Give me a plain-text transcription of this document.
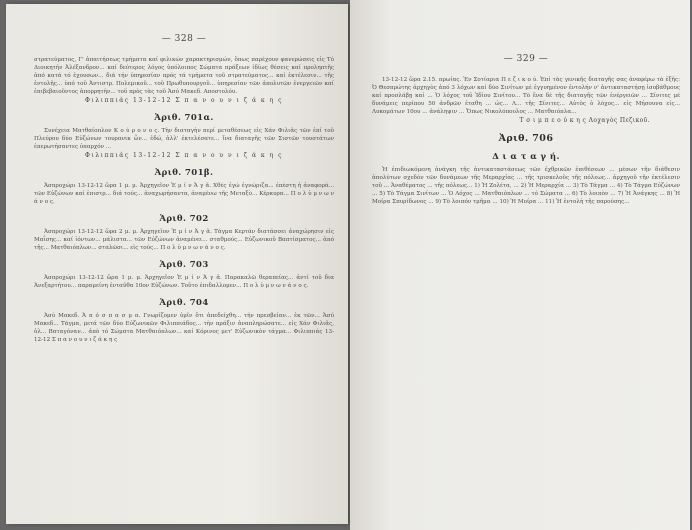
— 328 —

στρατεύματος, Γ' ἀπαιτήσεως τμήματα καί φιλικών χαρακτηρισμών, ὅπως παρέχουν φανερώσεις εἰς Τό Διοικητήν Ἀλέξανδρον... καί δεύτερος λόγος ὑπόλοιπος Σώματα πράξεων ἰδίως θέσεις καί προληπτῆς ἀπό κατά τό ἐχουσων... διά τήν ὑπηρεσίαν πρός τά τμήματα τοῦ στρατεύματος... καί ἐκτέλεσιν... τῆς ἐντολῆς... ὑπό τοῦ Ἀντιστρ. Πολεμικοῦ... τοῦ Πρωθυπουργοῦ... ὑπηρεσίαν τῶν ἀπολυτῶν ἐνεργειῶν καί ἐπιβεβαιοῦντος ἀπορρητὴν... τοῦ πρὸς τὰς τοῦ Ἀσύ Μακεδ. Αποστολόυ.

Φιλιππιάς 13-12-12 Σ π α ν ο υ ν ι ζ ά κ η ς
Ἀριθ. 701α.

Συνέχεια Ματθαίοπλον Κ ο ύ ρ ο ν ο ς. Τὴν διαταγὴν περί μεταθέσεως εἰς Χάν Φιλιᾶς τῶν ἐπί τοῦ Πλεύρου δύο Εὐζώνων τουρανικ ὧν... ἐδώ, ἀλλ' ἐκτελέσατε... ἴνα διαταγῆς τῶν Σιστῶν τουστάτων ἐπερωτήσαντες ὑπαρχόν ...

Φιλιππιάς 13-12-12 Σ π α ν ο υ ν ι ζ ά κ η ς
Ἀριθ. 701β.

Ἀσπροχώρι 13-12-12 ὥρα 1 μ. μ. Ἀρχηγεῖον Ἐ μ ί ν Ἀ γ ᾶ. Χθές ἐγώ ἐγνώριζα... ἐπέστη ἡ ἀναφορά... τῶν Εὐζώνων καί ἐπιστρ... διά τούς... ἀναχωρήσαντα, ἀναμένω τῆς Μεταξὺ... Κέρκυρα... Π ο λ ὑ μ ν ω ν ά ν ο ς.

Ἀριθ. 702

Ἀσπροχώρι 13-12-12 ὥρα 2 μ. μ. Ἀρχηγεῖον Ἐ μ ί ν Ἀ γ ᾶ. Τάγμα Κερτάν διατάσσει ἀναχώρησιν εἰς Μαΐσης... καί ἰόντων... μάλιστα... τῶν Εὐζώνων ἀναμένει... σταθμούς... Εὐζωνικοῦ Βαπτίσματος... ἀπό τῆς... Ματθαιόπλων... σταλῶσι... εἰς τούς... Π ο λ ὑ μ ν ω ν ά ν ο ς.

Ἀριθ. 703

Ἀσπροχώρι 13-12-12 ὥρα 1 μ. μ. Ἀρχηγεῖον Ἐ μ ί ν Ἀ γ ᾶ. Παρακαλῶ θεραπείας... ἀντί τοῦ δια Ἀνεξαρτήτου... παραμείνη ἐνταῦθα 10ον Εὐζώνων. Τοῦτο ἐπιδαλλομεν... Π ο λ ὑ μ ν ω ν ά ν ο ς.

Ἀριθ. 704

Ἀσύ Μακεδ. Ἀ π ό σ π α σ μ α. Γνωρίζομεν ὑμῖν ὅτι ἀπεδείχθη... τήν πρεσβείαν... ἐκ τῶν... Ἀσύ Μακεδ... Τάγμα, μετά τῶν δύο Εὐζωνικῶν Φιλιππιάδος... τὴν πράξιν ἀναπληρώσατε... εἰς Χάν Φιλιᾶς, ὁλ... Βαταγόναν... ἀπὸ τό Σώματα Ματθαιόπλων... καί Κόρινος μετ' Εὐζωνικὸν τάγμα... Φιλιππιάς 13-12-12 Σ π α ν ο υ ν ι ζ ά κ η ς

— 329 —

13-12-12 ὥρα 2.15. πρωίας. Ἐν Σοτίαρια Π ε ζ ι κ ο ύ. Ἐπί τὰς γενικῆς διαταγῆς σας ἀναφέρω τὰ ἑξῆς: Ὁ Θεσπρώτης ἀρχηγὸς ἀπό 3 λόχων καί δύο Σινίτων μέ ἐγγυημένον ἐντολήν ν' ἀντικαταστήσῃ ἰσοβάθμους καί προσλάβῃ καί ... Ὁ λόχος τοῦ Ἰδίου Σινίτου... Τὸ ἕνα δὲ τῆς διαταγῆς τῶν ἐνέργειῶν ... Σίνιτες μέ δυνάμεις περίπου 50 ἀνδρῶν ἐταθη ... ὡς... Λ... τῆς Σίνιτες... Αὐτὸς ὁ λόχος... εἰς Μήσουνα εἰς... Λυκομάτων 10ου ... ἀνάληψιν ... Ὅπως Νικολόπουλος ... Ματθαιόπλα...

Τ σ ι μ π ε ο ύ κ η ς Λοχαγὸς Πεζικοῦ.
Ἀριθ. 706
Δ ι α τ α γ ή.

Ἡ ἐπιδιωκόμενη ἀνάγκη τῆς ἀντικαταστάσεως τῶν ἐχθρικῶν ἐπιθέσεων ... μέσων τῆν διάθεσιν ἀπολύτων σχεδόν τῶν δυνάμεων τῆς Μεραρχίας ... τῆς τρισκελοῦς τῆς πόλεως... ἀρχηγοῦ τῆν ἐκτέλεσιν τοῦ ... Ἀναθέματος ... τῆς πόλεως... 1) Ἡ Ζολέτα, ... 2) Ἡ Μεραρχία ... 3) Τὸ Τάγμα ... 4) Τὸ Τάγμα Εὐζώνων ... 5) Τὸ Τάγμα Σινίτων ... Ὁ Λόχος ... Ματθαιόπλων ... τό Σώματα ... 6) Τὸ λοιπὸν ... 7) Ἡ Ἀνάγκης ... 8) Ἡ Μοίρα Σπυρίδωνος ... 9) Τὸ λοιπόν τμῆμα ... 10) Ἡ Μοίρα ... 11) Ἡ ἐντολὴ τῆς παρούσης...
